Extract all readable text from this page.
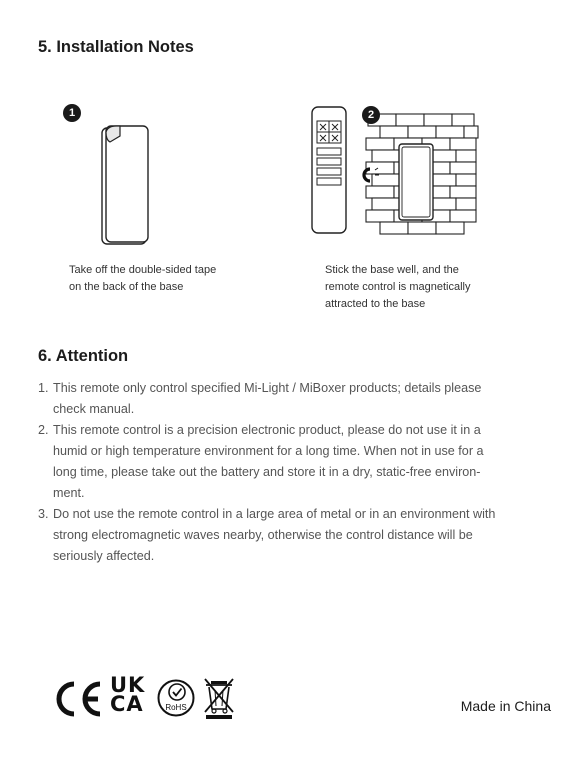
5. Installation Notes
1	2
Take off the double-sided tape
on the back of the base
Stick the base well, and the
remote control is magnetically
attracted to the base
6. Attention
1. This remote only control specified Mi-Light / MiBoxer products; details please
check manual.
2. This remote control is a precision electronic product, please do not use it in a
humid or high temperature environment for a long time. When not in use for a
long time, please take out the battery and store it in a dry, static-free environ-
ment.
3. Do not use the remote control in a large area of metal or in an environment with
strong electromagnetic waves nearby, otherwise the control distance will be
seriously affected.
UK
CA	RoHS	Made in China
